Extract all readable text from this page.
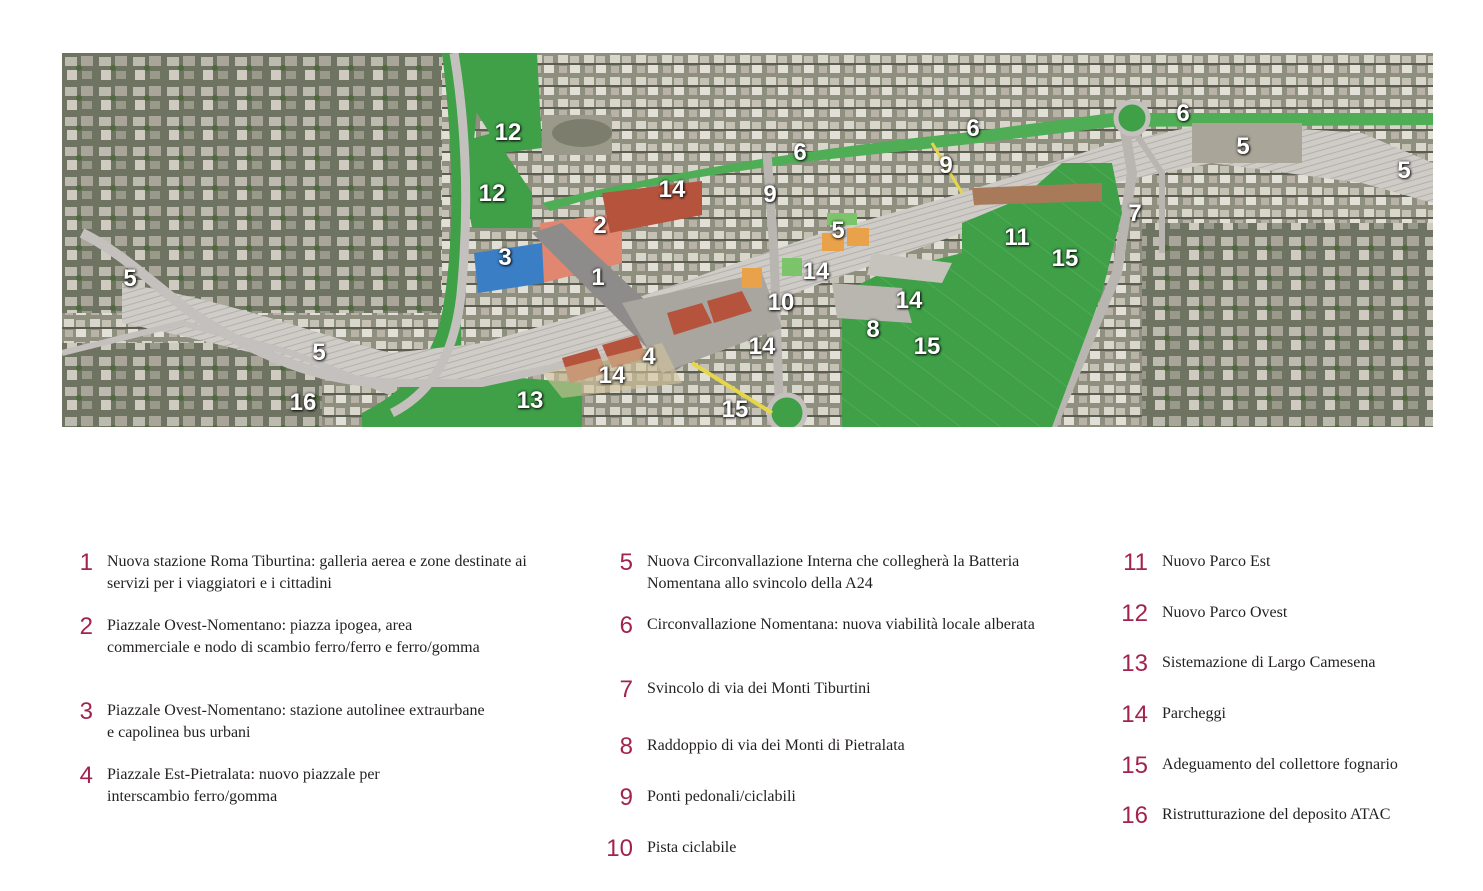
12
12	14
2
3
1
5
5	4
14
13
16	15
14
10
14
9
6
6
9
5
14
8
15
11
15
7
6
5
5
1 Nuova stazione Roma Tiburtina: galleria aerea e zone destinate ai servizi per i viaggiatori e i cittadini
2 Piazzale Ovest-Nomentano: piazza ipogea, area commerciale e nodo di scambio ferro/ferro e ferro/gomma
3 Piazzale Ovest-Nomentano: stazione autolinee extraurbane e capolinea bus urbani
4 Piazzale Est-Pietralata: nuovo piazzale per interscambio ferro/gomma
5 Nuova Circonvallazione Interna che collegherà la Batteria Nomentana allo svincolo della A24
6 Circonvallazione Nomentana: nuova viabilità locale alberata
7 Svincolo di via dei Monti Tiburtini
8 Raddoppio di via dei Monti di Pietralata
9 Ponti pedonali/ciclabili
10 Pista ciclabile
11 Nuovo Parco Est
12 Nuovo Parco Ovest
13 Sistemazione di Largo Camesena
14 Parcheggi
15 Adeguamento del collettore fognario
16 Ristrutturazione del deposito ATAC
